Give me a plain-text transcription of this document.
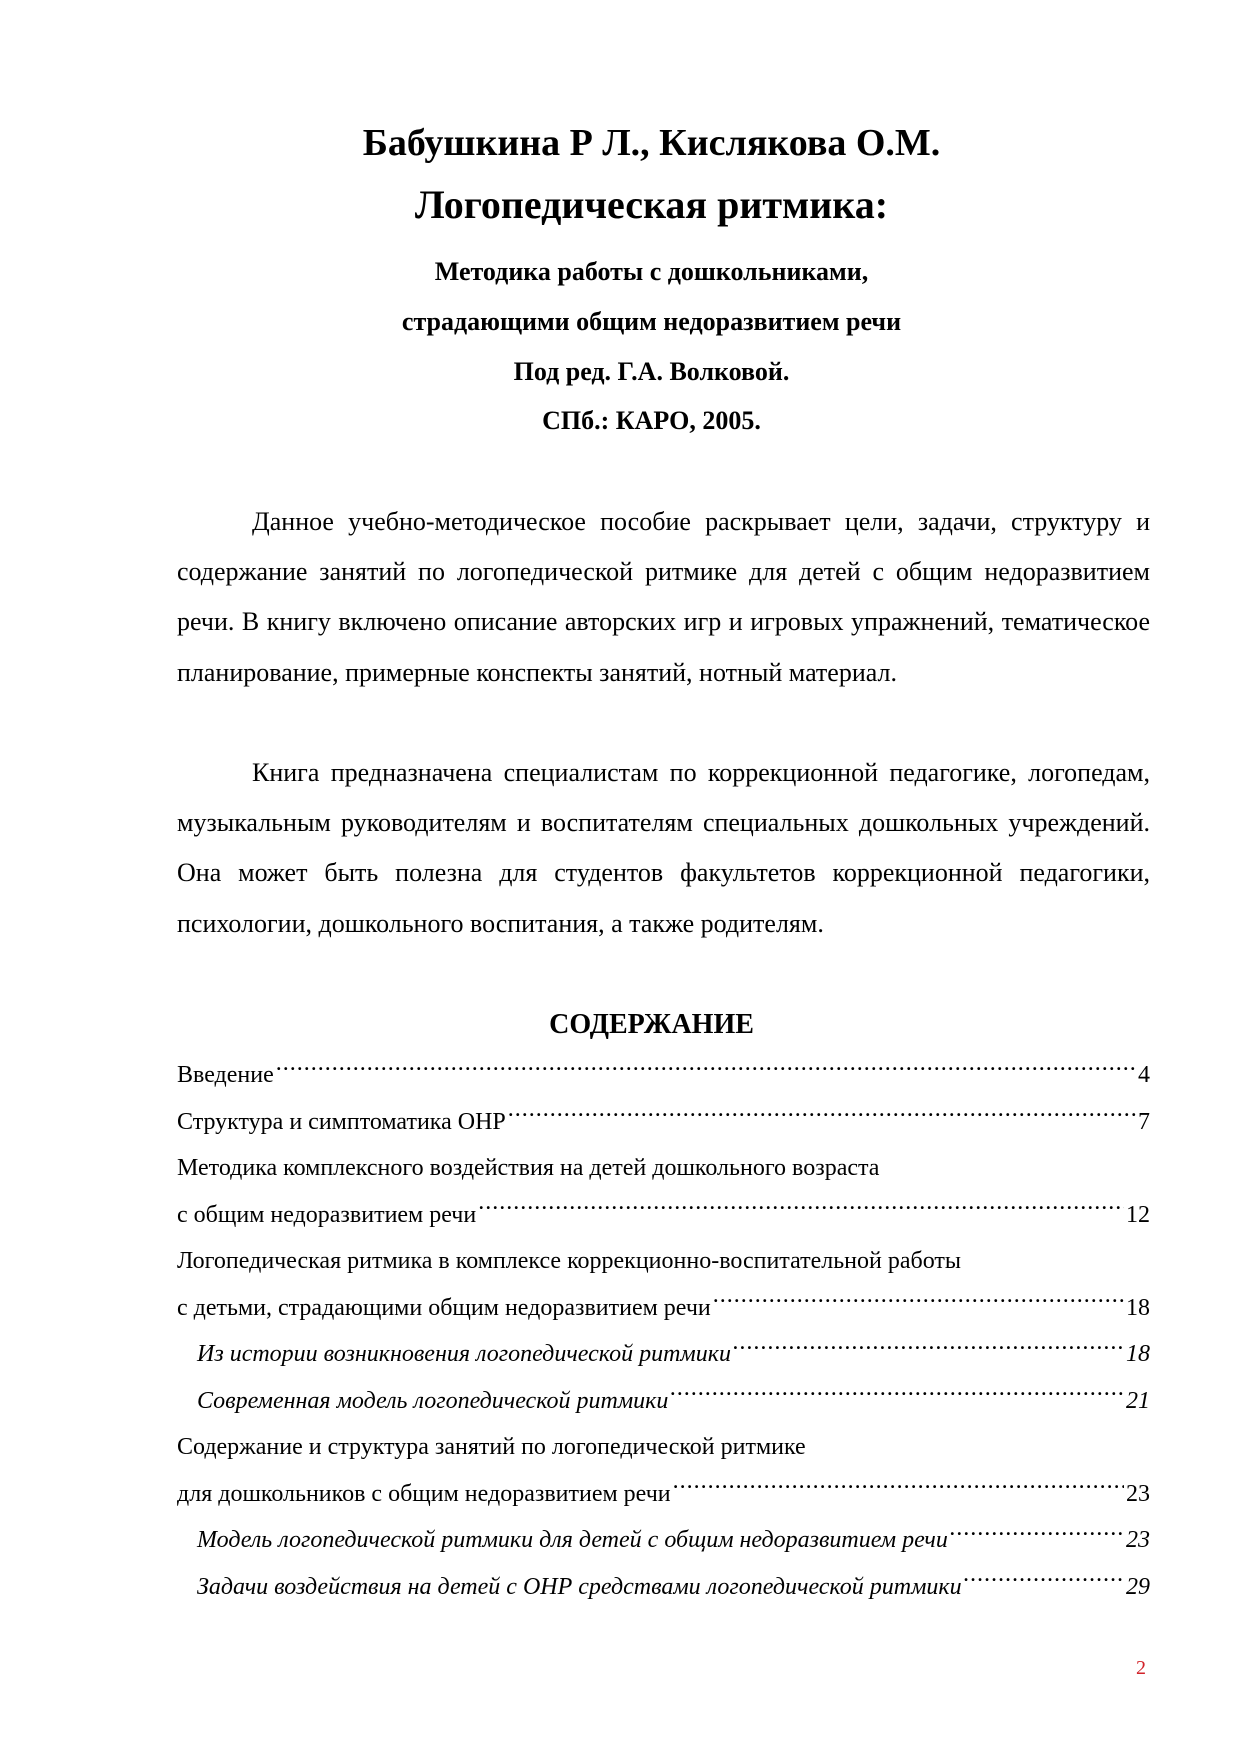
Бабушкина Р Л., Кислякова О.М.
Логопедическая ритмика:
Методика работы с дошкольниками,
страдающими общим недоразвитием речи
Под ред. Г.А. Волковой.
СПб.: КАРО, 2005.

Данное учебно-методическое пособие раскрывает цели, задачи, структуру и содержание занятий по логопедической ритмике для детей с общим недоразвитием речи. В книгу включено описание авторских игр и игровых упражнений, тематическое планирование, примерные конспекты занятий, нотный материал.

Книга предназначена специалистам по коррекционной педагогике, логопедам, музыкальным руководителям и воспитателям специальных дошкольных учреждений. Она может быть полезна для студентов факультетов коррекционной педагогики, психологии, дошкольного воспитания, а также родителям.

СОДЕРЖАНИЕ
Введение .....	4
Структура и симптоматика ОНР .....	7
Методика комплексного воздействия на детей дошкольного возраста
с общим недоразвитием речи .....	12
Логопедическая ритмика в комплексе коррекционно-воспитательной работы
с детьми, страдающими общим недоразвитием речи .....	18
Из истории возникновения логопедической ритмики .....	18
Современная модель логопедической ритмики .....	21
Содержание и структура занятий по логопедической ритмике
для дошкольников с общим недоразвитием речи .....	23
Модель логопедической ритмики для детей с общим недоразвитием речи .....	23
Задачи воздействия на детей с ОНР средствами логопедической ритмики .....	29
2
